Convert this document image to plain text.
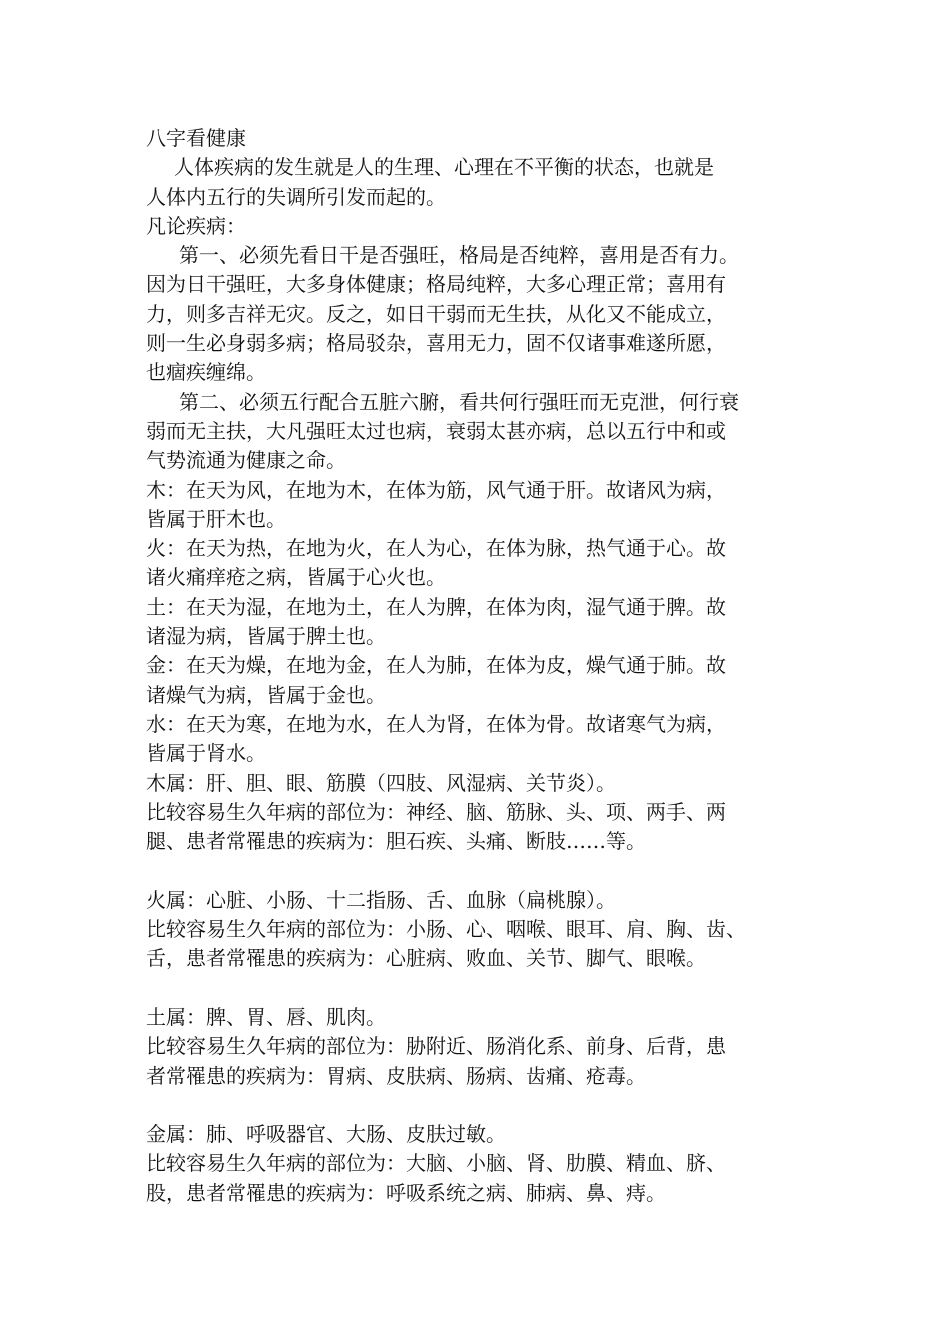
八字看健康
人体疾病的发生就是人的生理、心理在不平衡的状态，也就是
人体内五行的失调所引发而起的。
凡论疾病：
第一、必须先看日干是否强旺，格局是否纯粹，喜用是否有力。
因为日干强旺，大多身体健康；格局纯粹，大多心理正常；喜用有
力，则多吉祥无灾。反之，如日干弱而无生扶，从化又不能成立，
则一生必身弱多病；格局驳杂，喜用无力，固不仅诸事难遂所愿，
也痼疾缠绵。
第二、必须五行配合五脏六腑，看共何行强旺而无克泄，何行衰
弱而无主扶，大凡强旺太过也病，衰弱太甚亦病，总以五行中和或
气势流通为健康之命。
木：在天为风，在地为木，在体为筋，风气通于肝。故诸风为病，
皆属于肝木也。
火：在天为热，在地为火，在人为心，在体为脉，热气通于心。故
诸火痛痒疮之病，皆属于心火也。
土：在天为湿，在地为土，在人为脾，在体为肉，湿气通于脾。故
诸湿为病，皆属于脾土也。
金：在天为燥，在地为金，在人为肺，在体为皮，燥气通于肺。故
诸燥气为病，皆属于金也。
水：在天为寒，在地为水，在人为肾，在体为骨。故诸寒气为病，
皆属于肾水。
木属：肝、胆、眼、筋膜（四肢、风湿病、关节炎）。
比较容易生久年病的部位为：神经、脑、筋脉、头、项、两手、两
腿、患者常罹患的疾病为：胆石疾、头痛、断肢……等。
火属：心脏、小肠、十二指肠、舌、血脉（扁桃腺）。
比较容易生久年病的部位为：小肠、心、咽喉、眼耳、肩、胸、齿、
舌，患者常罹患的疾病为：心脏病、败血、关节、脚气、眼喉。
土属：脾、胃、唇、肌肉。
比较容易生久年病的部位为：胁附近、肠消化系、前身、后背，患
者常罹患的疾病为：胃病、皮肤病、肠病、齿痛、疮毒。
金属：肺、呼吸器官、大肠、皮肤过敏。
比较容易生久年病的部位为：大脑、小脑、肾、肋膜、精血、脐、
股，患者常罹患的疾病为：呼吸系统之病、肺病、鼻、痔。
